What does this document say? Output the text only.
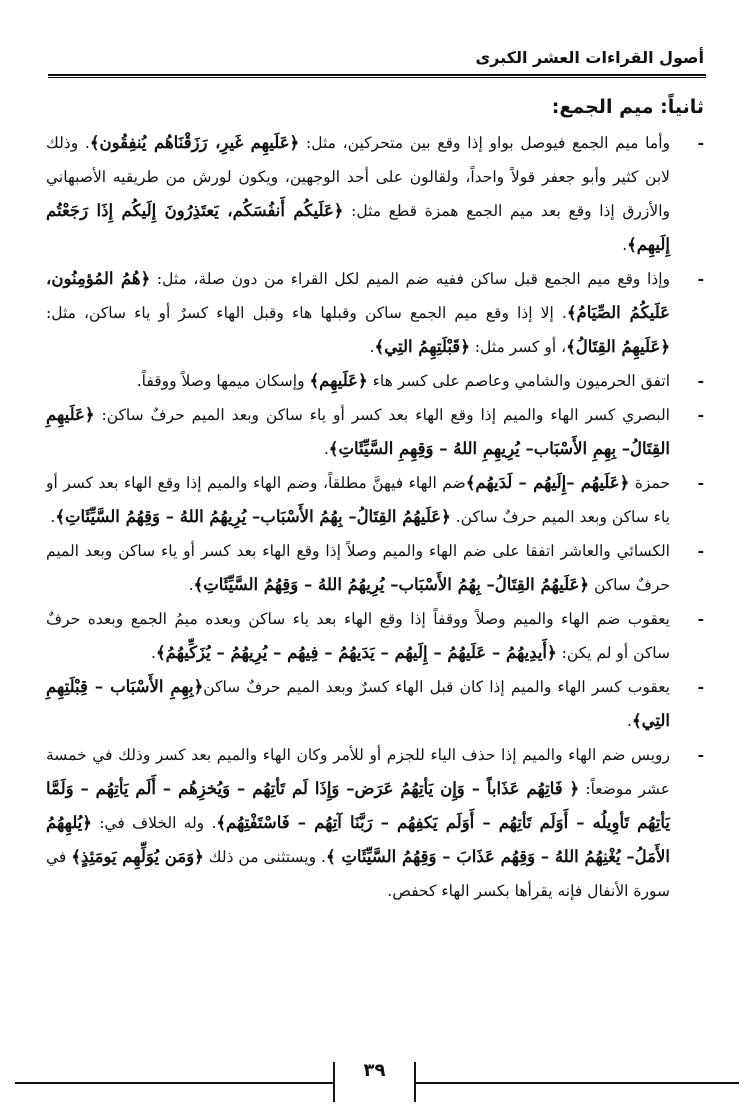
أصول القراءات العشر الكبرى
ثانياً: ميم الجمع:

-
وأما ميم الجمع فيوصل بواو إذا وقع بين متحركين، مثل: ﴿عَلَيهِم غَيرِ، رَزَقْنَاهُم يُنفِقُون﴾. وذلك لابن كثير وأبو جعفر قولاً واحداً، ولقالون على أحد الوجهين، ويكون لورش من طريقيه الأصبهاني والأزرق إذا وقع بعد ميم الجمع همزة قطع مثل: ﴿عَلَيكُم أَنفُسَكُم، يَعتَذِرُونَ إِلَيكُم إِذَا رَجَعْتُم إِلَيهِم﴾.

-
وإذا وقع ميم الجمع قبل ساكن ففيه ضم الميم لكل القراء من دون صلة، مثل: ﴿هُمُ المُؤمِنُون، عَلَيكُمُ الصِّيَامُ﴾. إلا إذا وقع ميم الجمع ساكن وقبلها هاء وقبل الهاء كسرٌ أو ياء ساكن، مثل: ﴿عَلَيهِمُ القِتَالُ﴾، أو كسر مثل: ﴿قَبْلَتِهِمُ التِي﴾.

-
اتفق الحرميون والشامي وعاصم على كسر هاء ﴿عَلَيهِم﴾ وإسكان ميمها وصلاً ووقفاً.

-
البصري كسر الهاء والميم إذا وقع الهاء بعد كسر أو ياء ساكن وبعد الميم حرفٌ ساكن: ﴿عَلَيهِمِ القِتَالُ– بِهِمِ الأَسْبَاب– يُرِيهِمِ اللهُ – وَقِهِمِ السَّيِّئَاتِ﴾.

-
حمزة ﴿عَلَيهُم –إِلَيهُم – لَدَيهُم﴾ضم الهاء فيهنَّ مطلقاً، وضم الهاء والميم إذا وقع الهاء بعد كسر أو ياء ساكن وبعد الميم حرفٌ ساكن. ﴿عَلَيهُمُ القِتَالُ– بِهُمُ الأَسْبَاب– يُرِيهُمُ اللهُ – وَقِهُمُ السَّيِّئَاتِ﴾.

-
الكسائي والعاشر اتفقا على ضم الهاء والميم وصلاً إذا وقع الهاء بعد كسر أو ياء ساكن وبعد الميم حرفٌ ساكن ﴿عَلَيهُمُ القِتَالُ– بِهُمُ الأَسْبَاب– يُرِيهُمُ اللهُ – وَقِهُمُ السَّيِّئَاتِ﴾.

-
يعقوب ضم الهاء والميم وصلاً ووقفاً إذا وقع الهاء بعد ياء ساكن وبعده ميمُ الجمع وبعده حرفٌ ساكن أو لم يكن: ﴿أَيدِيهُمُ – عَلَيهُمُ – إِلَيهُم – يَدَيهُمُ – فِيهُم – يُرِيهُمُ – يُزَكِّيهُمُ﴾.

-
يعقوب كسر الهاء والميم إذا كان قبل الهاء كسرٌ وبعد الميم حرفٌ ساكن﴿بِهِمِ الأَسْبَاب – قِبْلَتِهِمِ التِي﴾.

-
رويس ضم الهاء والميم إذا حذف الياء للجزم أو للأمر وكان الهاء والميم بعد كسر وذلك في خمسة عشر موضعاً: ﴿ فَاتِهُم عَذَاباً – وَإِن يَأتِهُمُ عَرَض– وَإِذَا لَم تَأتِهُم – وَيُخزِهُم – أَلَم يَأتِهُم – وَلَمَّا يَأتِهُم تَأوِيلُه – أَوَلَم تَأتِهُم – أَوَلَم يَكفِهُم – رَبَّنَا آتِهُم – فَاسْتَفْتِهُم﴾. وله الخلاف في: ﴿يُلهِهُمُ الأَمَلُ– يُغْنِهُمُ اللهُ – وَقِهُم عَذَابَ – وَقِهُمُ السَّيِّئَاتِ ﴾. ويستثنى من ذلك ﴿وَمَن يُوَلِّهِم يَومَئِذٍ﴾ في سورة الأنفال فإنه يقرأها بكسر الهاء كحفص.

٣٩
